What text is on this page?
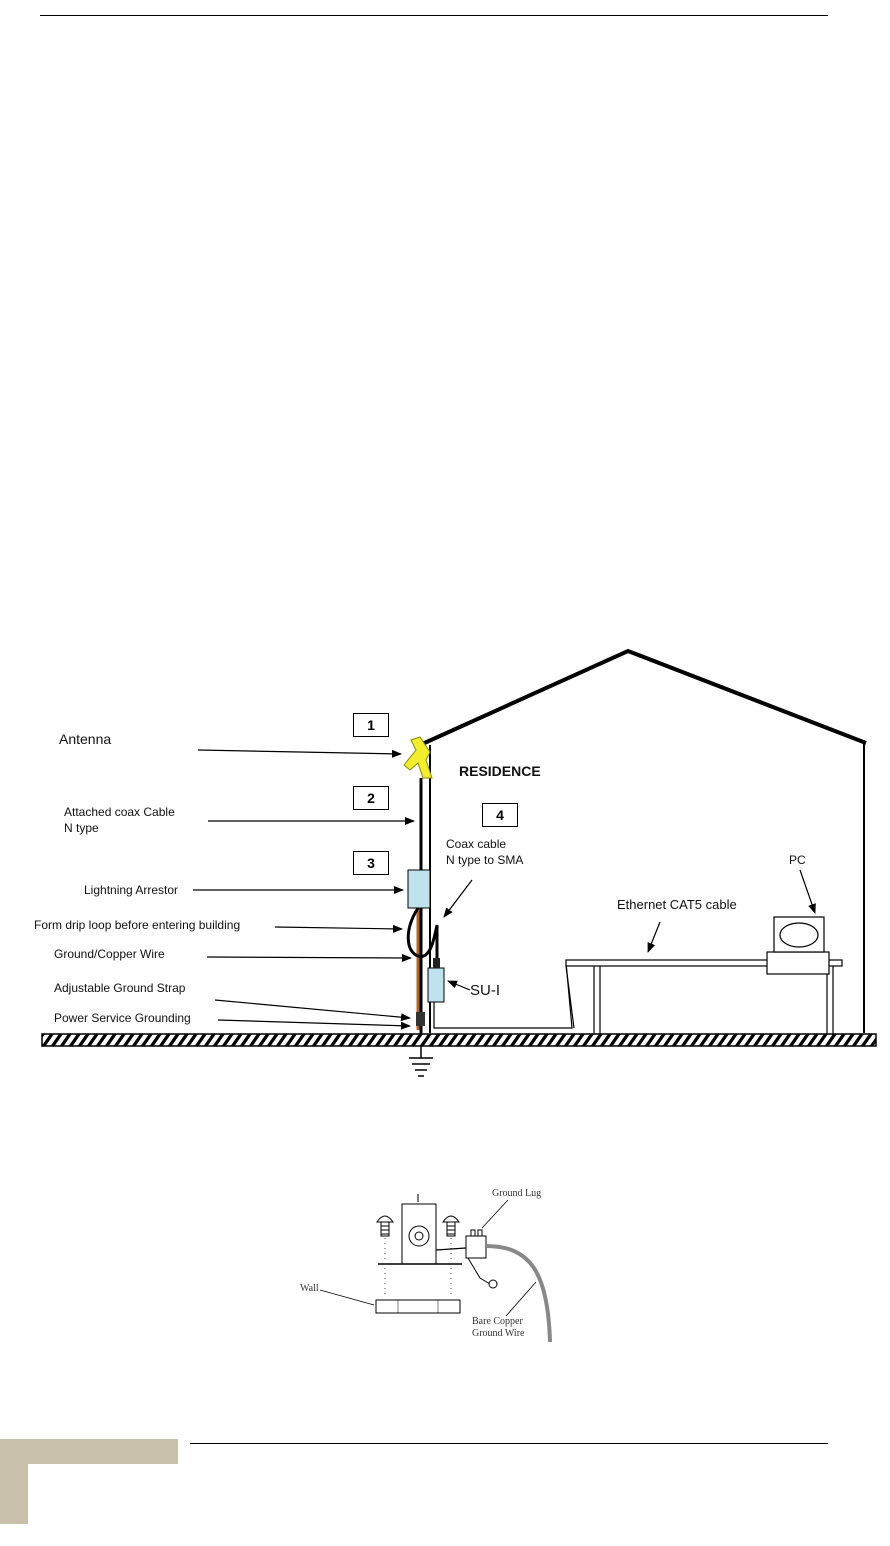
1
2
3
4
Antenna
Attached coax Cable
N type
Lightning Arrestor
Form drip loop before entering building
Ground/Copper Wire
Adjustable Ground Strap
Power Service Grounding
RESIDENCE
Coax cable
N type to SMA
SU-I
Ethernet CAT5 cable
PC
Ground Lug
Wall
Bare Copper
Ground Wire
